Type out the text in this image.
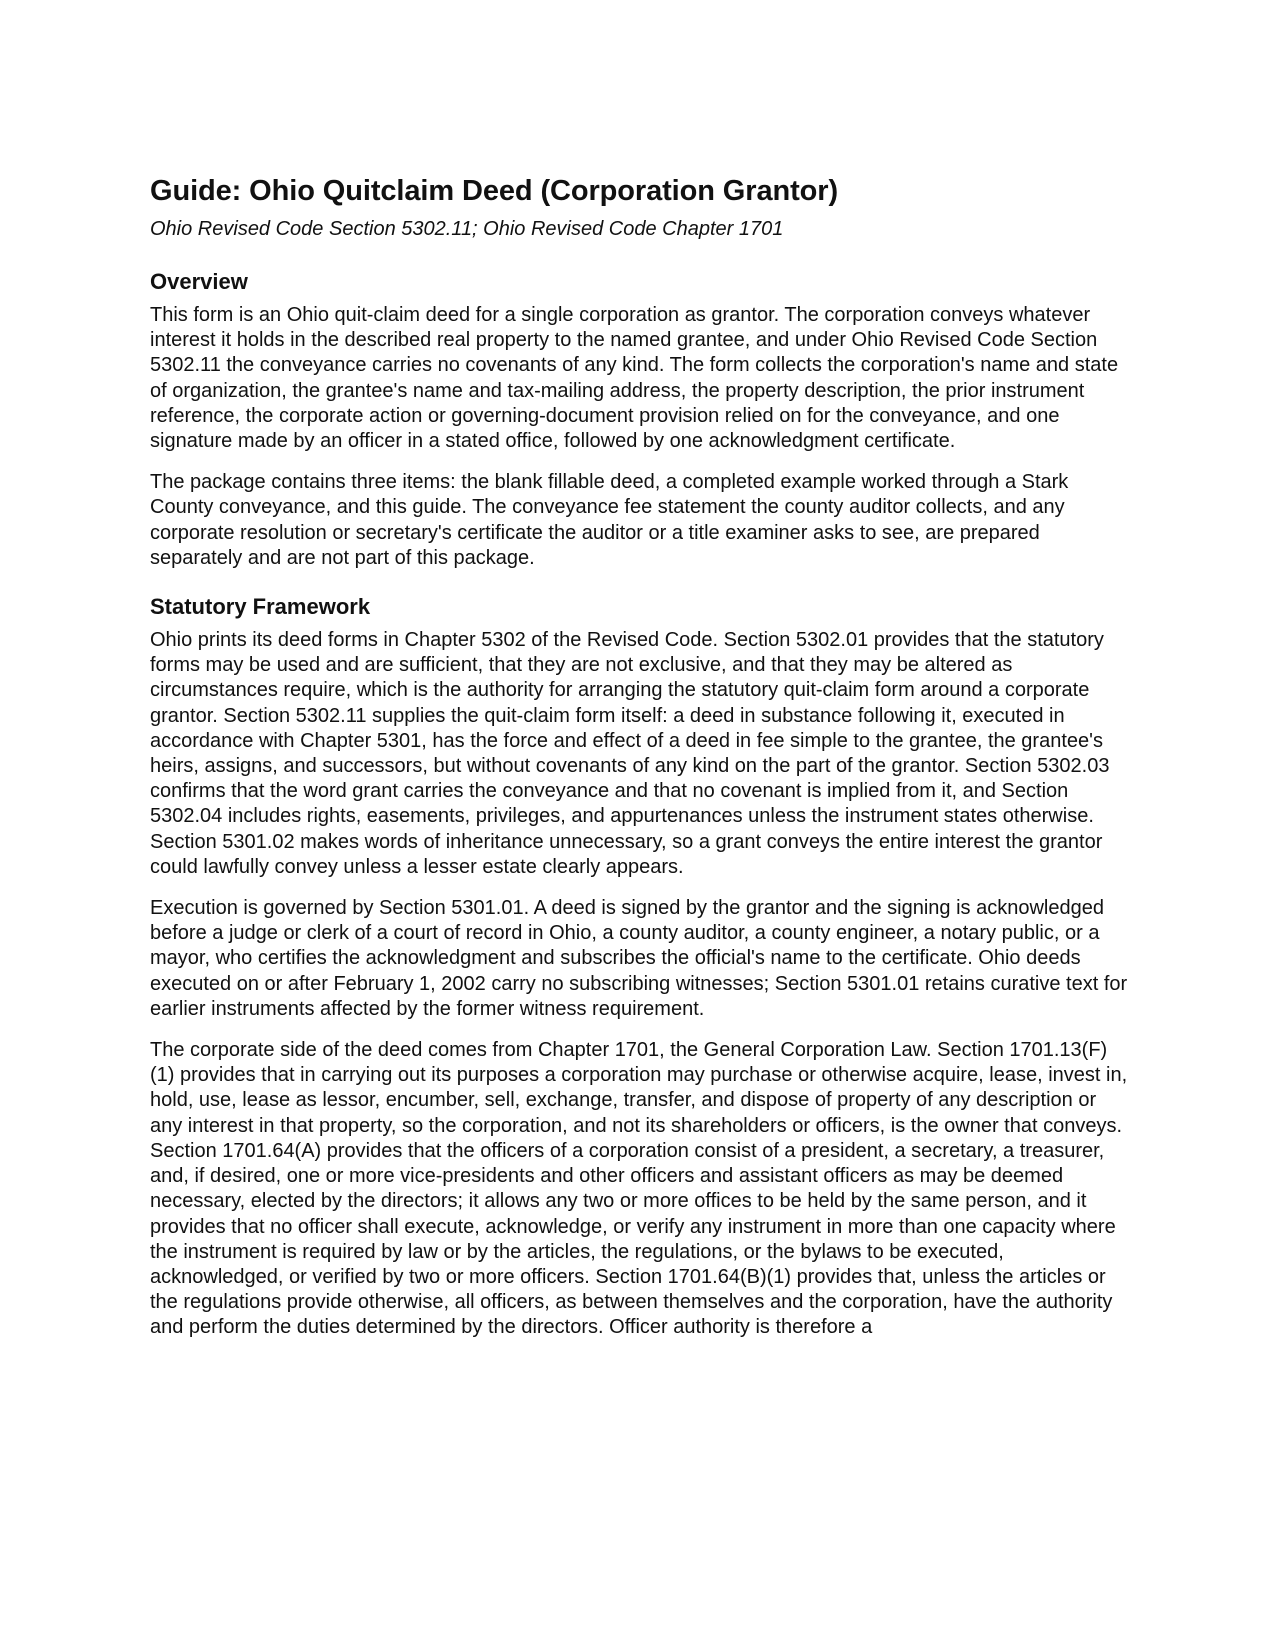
Guide: Ohio Quitclaim Deed (Corporation Grantor)

Ohio Revised Code Section 5302.11; Ohio Revised Code Chapter 1701

Overview

This form is an Ohio quit-claim deed for a single corporation as grantor. The corporation conveys whatever interest it holds in the described real property to the named grantee, and under Ohio Revised Code Section 5302.11 the conveyance carries no covenants of any kind. The form collects the corporation's name and state of organization, the grantee's name and tax-mailing address, the property description, the prior instrument reference, the corporate action or governing-document provision relied on for the conveyance, and one signature made by an officer in a stated office, followed by one acknowledgment certificate.

The package contains three items: the blank fillable deed, a completed example worked through a Stark County conveyance, and this guide. The conveyance fee statement the county auditor collects, and any corporate resolution or secretary's certificate the auditor or a title examiner asks to see, are prepared separately and are not part of this package.

Statutory Framework

Ohio prints its deed forms in Chapter 5302 of the Revised Code. Section 5302.01 provides that the statutory forms may be used and are sufficient, that they are not exclusive, and that they may be altered as circumstances require, which is the authority for arranging the statutory quit-claim form around a corporate grantor. Section 5302.11 supplies the quit-claim form itself: a deed in substance following it, executed in accordance with Chapter 5301, has the force and effect of a deed in fee simple to the grantee, the grantee's heirs, assigns, and successors, but without covenants of any kind on the part of the grantor. Section 5302.03 confirms that the word grant carries the conveyance and that no covenant is implied from it, and Section 5302.04 includes rights, easements, privileges, and appurtenances unless the instrument states otherwise. Section 5301.02 makes words of inheritance unnecessary, so a grant conveys the entire interest the grantor could lawfully convey unless a lesser estate clearly appears.

Execution is governed by Section 5301.01. A deed is signed by the grantor and the signing is acknowledged before a judge or clerk of a court of record in Ohio, a county auditor, a county engineer, a notary public, or a mayor, who certifies the acknowledgment and subscribes the official's name to the certificate. Ohio deeds executed on or after February 1, 2002 carry no subscribing witnesses; Section 5301.01 retains curative text for earlier instruments affected by the former witness requirement.

The corporate side of the deed comes from Chapter 1701, the General Corporation Law. Section 1701.13(F)(1) provides that in carrying out its purposes a corporation may purchase or otherwise acquire, lease, invest in, hold, use, lease as lessor, encumber, sell, exchange, transfer, and dispose of property of any description or any interest in that property, so the corporation, and not its shareholders or officers, is the owner that conveys. Section 1701.64(A) provides that the officers of a corporation consist of a president, a secretary, a treasurer, and, if desired, one or more vice-presidents and other officers and assistant officers as may be deemed necessary, elected by the directors; it allows any two or more offices to be held by the same person, and it provides that no officer shall execute, acknowledge, or verify any instrument in more than one capacity where the instrument is required by law or by the articles, the regulations, or the bylaws to be executed, acknowledged, or verified by two or more officers. Section 1701.64(B)(1) provides that, unless the articles or the regulations provide otherwise, all officers, as between themselves and the corporation, have the authority and perform the duties determined by the directors. Officer authority is therefore a
